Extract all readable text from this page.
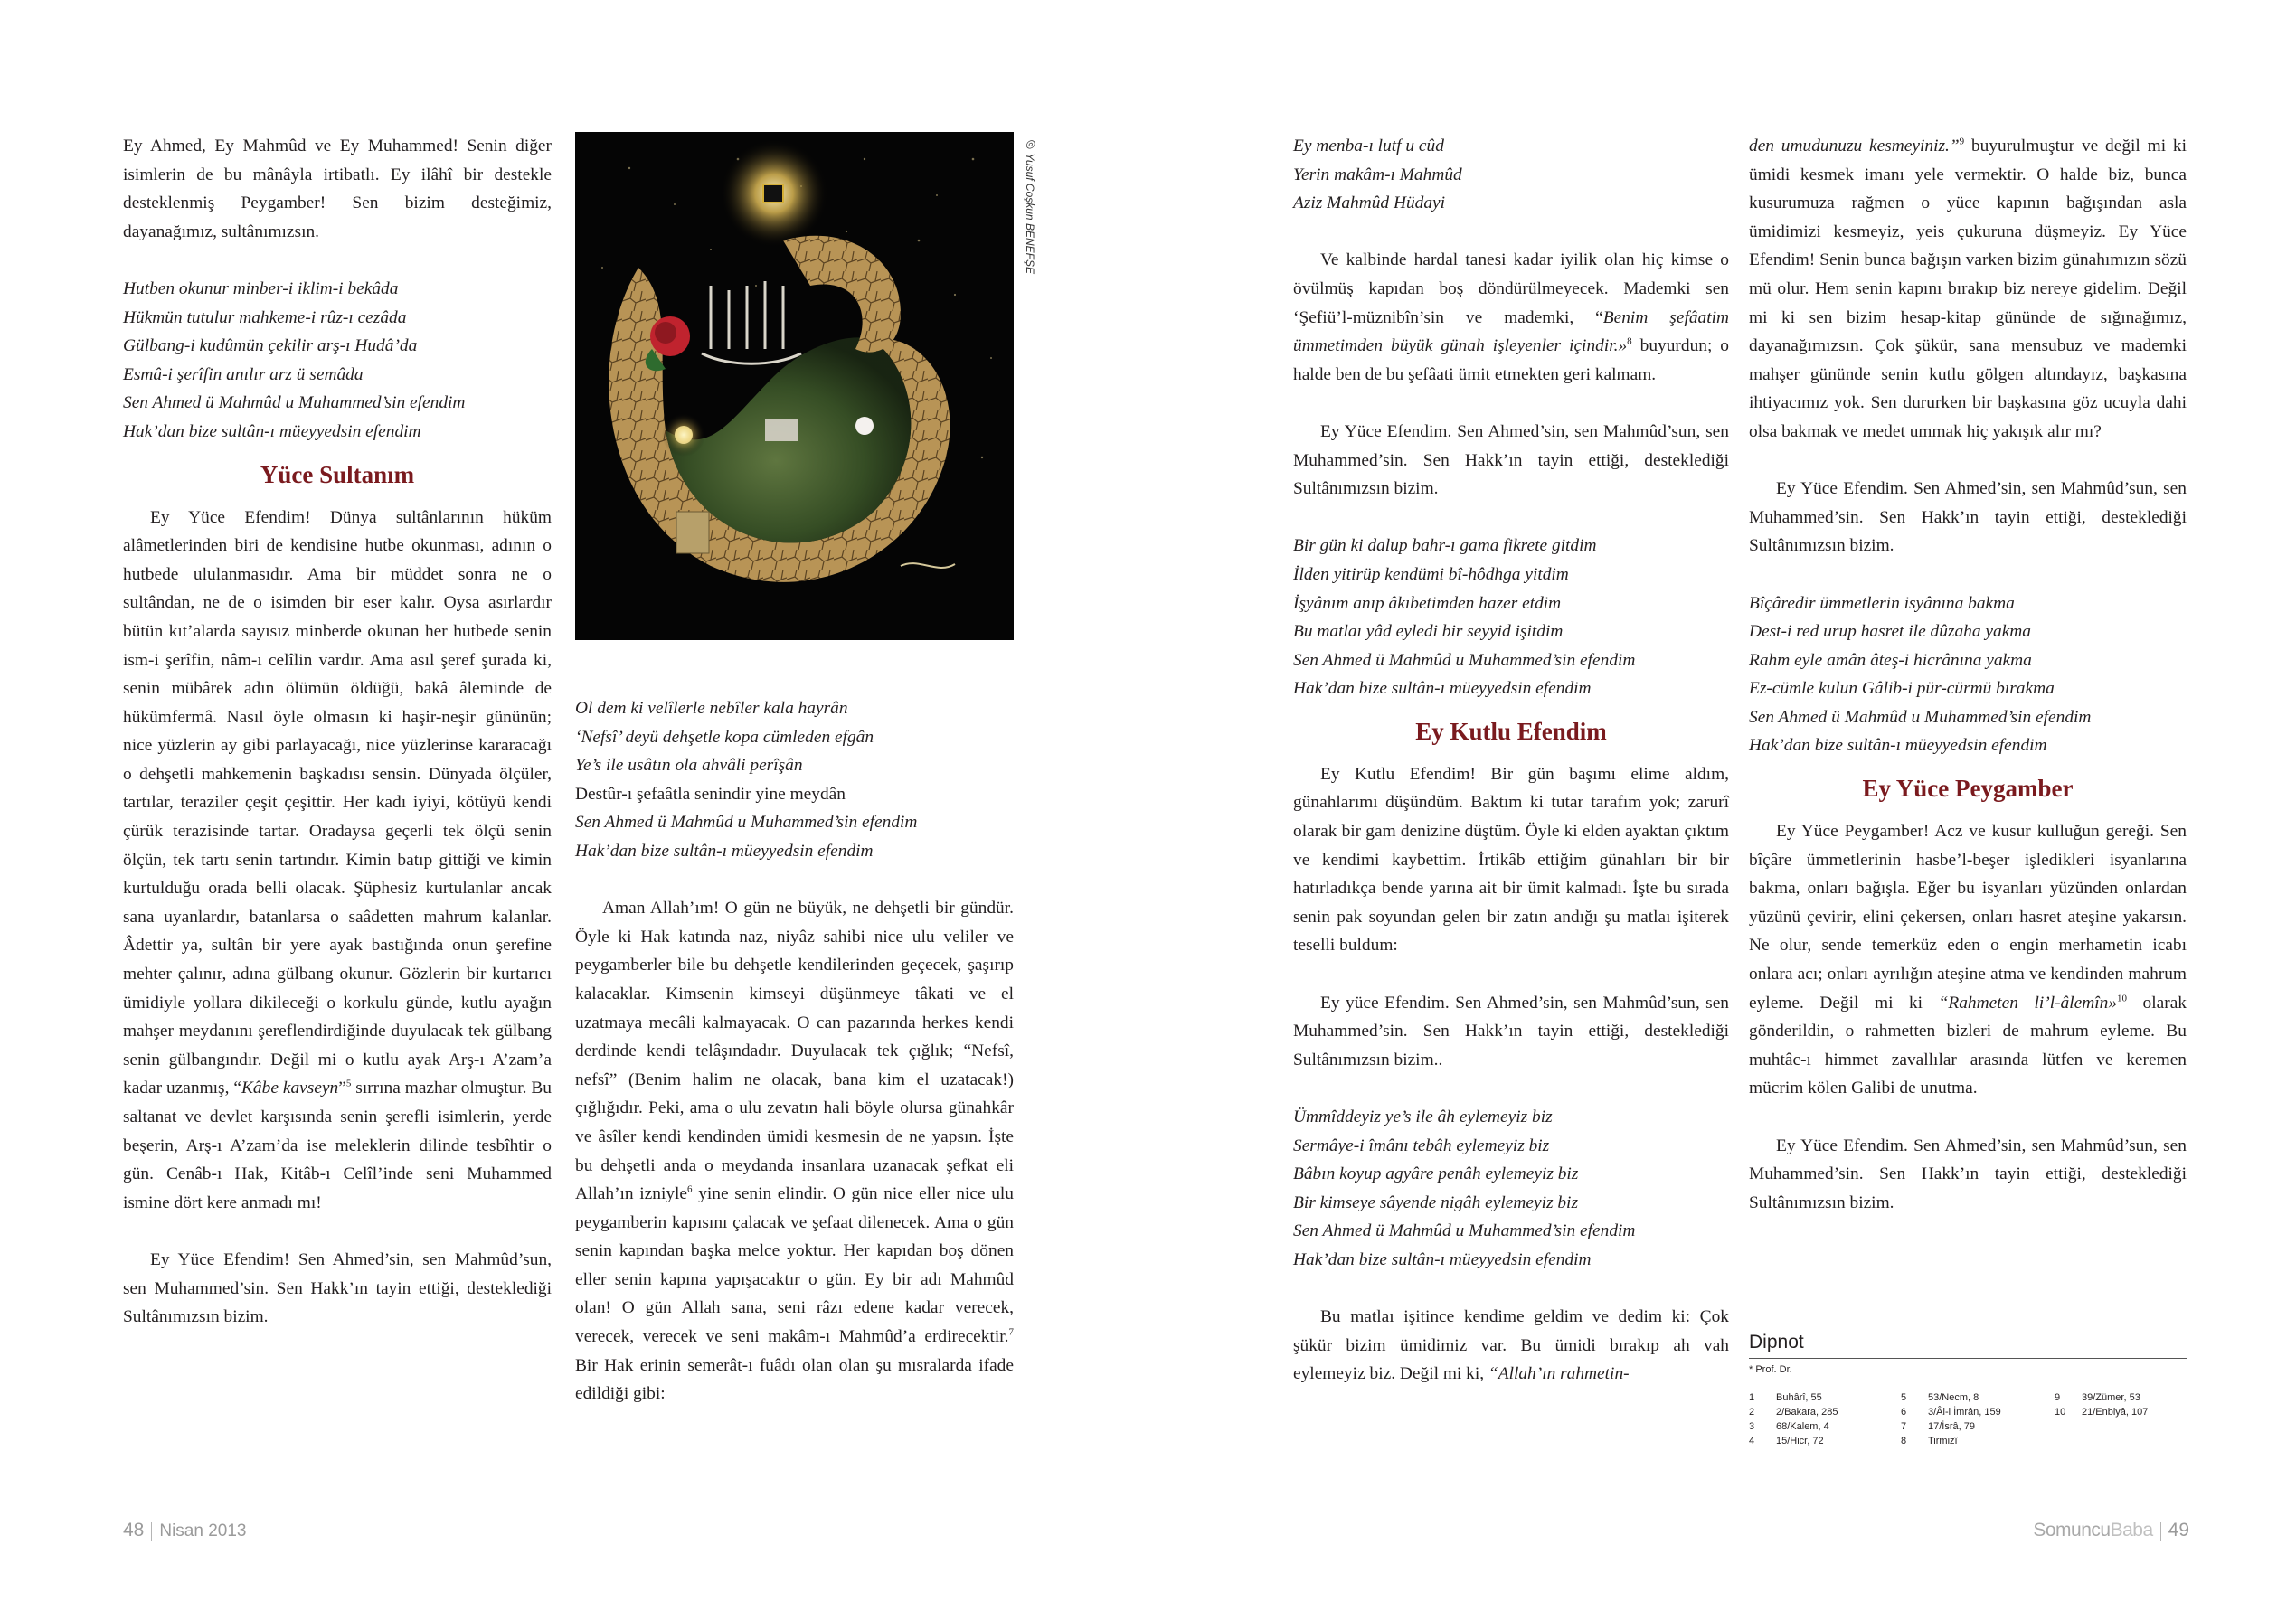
Ey Ahmed, Ey Mahmûd ve Ey Muhammed! Senin diğer isimlerin de bu mânâyla irtibatlı. Ey ilâhî bir destekle desteklenmiş Peygamber! Sen bizim desteğimiz, dayanağımız, sultânımızsın.

Hutben okunur minber-i iklim-i bekâda
Hükmün tutulur mahkeme-i rûz-ı cezâda
Gülbang-i kudûmün çekilir arş-ı Hudâ’da
Esmâ-i şerîfin anılır arz ü semâda
Sen Ahmed ü Mahmûd u Muhammed’sin efendim
Hak’dan bize sultân-ı müeyyedsin efendim
Yüce Sultanım

Ey Yüce Efendim! Dünya sultânlarının hüküm alâmetlerinden biri de kendisine hutbe okunması, adının o hutbede ululanmasıdır. Ama bir müddet sonra ne o sultândan, ne de o isimden bir eser kalır. Oysa asırlardır bütün kıt’alarda sayısız minberde okunan her hutbede senin ism-i şerîfin, nâm-ı celîlin vardır. Ama asıl şeref şurada ki, senin mübârek adın ölümün öldüğü, bakâ âleminde de hükümfermâ. Nasıl öyle olmasın ki haşir-neşir gününün; nice yüzlerin ay gibi parlayacağı, nice yüzlerinse kararacağı o dehşetli mahkemenin başkadısı sensin. Dünyada ölçüler, tartılar, teraziler çeşit çeşittir. Her kadı iyiyi, kötüyü kendi çürük terazisinde tartar. Oradaysa geçerli tek ölçü senin ölçün, tek tartı senin tartındır. Kimin batıp gittiği ve kimin kurtulduğu orada belli olacak. Şüphesiz kurtulanlar ancak sana uyanlardır, batanlarsa o saâdetten mahrum kalanlar. Âdettir ya, sultân bir yere ayak bastığında onun şerefine mehter çalınır, adına gülbang okunur. Gözlerin bir kurtarıcı ümidiyle yollara dikileceği o korkulu günde, kutlu ayağın mahşer meydanını şereflendirdiğinde duyulacak tek gülbang senin gülbangındır. Değil mi o kutlu ayak Arş-ı A’zam’a kadar uzanmış, “Kâbe kavseyn”$^5$ sırrına mazhar olmuştur. Bu saltanat ve devlet karşısında senin şerefli isimlerin, yerde beşerin, Arş-ı A’zam’da ise meleklerin dilinde tesbîhtir o gün. Cenâb-ı Hak, Kitâb-ı Celîl’inde seni Muhammed ismine dört kere anmadı mı!

Ey Yüce Efendim! Sen Ahmed’sin, sen Mahmûd’sun, sen Muhammed’sin. Sen Hakk’ın tayin ettiği, desteklediği Sultânımızsın bizim.

◎ Yusuf Coşkun BENEFŞE
Ol dem ki velîlerle nebîler kala hayrân
‘Nefsî’ deyü dehşetle kopa cümleden efgân
Ye’s ile usâtın ola ahvâli perîşân
Destûr-ı şefaâtla senindir yine meydân
Sen Ahmed ü Mahmûd u Muhammed’sin efendim
Hak’dan bize sultân-ı müeyyedsin efendim

Aman Allah’ım! O gün ne büyük, ne dehşetli bir gündür. Öyle ki Hak katında naz, niyâz sahibi nice ulu veliler ve peygamberler bile bu dehşetle kendilerinden geçecek, şaşırıp kalacaklar. Kimsenin kimseyi düşünmeye tâkati ve el uzatmaya mecâli kalmayacak. O can pazarında herkes kendi derdinde kendi telâşındadır. Duyulacak tek çığlık; “Nefsî, nefsî” (Benim halim ne olacak, bana kim el uzatacak!) çığlığıdır. Peki, ama o ulu zevatın hali böyle olursa günahkâr ve âsîler kendi kendinden ümidi kesmesin de ne yapsın. İşte bu dehşetli anda o meydanda insanlara uzanacak şefkat eli Allah’ın izniyle$^6$ yine senin elindir. O gün nice eller nice ulu peygamberin kapısını çalacak ve şefaat dilenecek. Ama o gün senin kapından başka melce yoktur. Her kapıdan boş dönen eller senin kapına yapışacaktır o gün. Ey bir adı Mahmûd olan! O gün Allah sana, seni râzı edene kadar verecek, verecek, verecek ve seni makâm-ı Mahmûd’a erdirecektir.$^7$ Bir Hak erinin semerât-ı fuâdı olan olan şu mısralarda ifade edildiği gibi:

48 Nisan 2013
Ey menba-ı lutf u cûd
Yerin makâm-ı Mahmûd
Aziz Mahmûd Hüdayi

Ve kalbinde hardal tanesi kadar iyilik olan hiç kimse o övülmüş kapıdan boş döndürülmeyecek. Mademki sen ‘Şefiü’l-müznibîn’sin ve mademki, “Benim şefâatim ümmetimden büyük günah işleyenler içindir.»$^8$ buyurdun; o halde ben de bu şefâati ümit etmekten geri kalmam.

Ey Yüce Efendim. Sen Ahmed’sin, sen Mahmûd’sun, sen Muhammed’sin. Sen Hakk’ın tayin ettiği, desteklediği Sultânımızsın bizim.

Bir gün ki dalup bahr-ı gama fikrete gitdim
İlden yitirüp kendümi bî-hôdhga yitdim
İşyânım anıp âkıbetimden hazer etdim
Bu matlaı yâd eyledi bir seyyid işitdim
Sen Ahmed ü Mahmûd u Muhammed’sin efendim
Hak’dan bize sultân-ı müeyyedsin efendim
Ey Kutlu Efendim

Ey Kutlu Efendim! Bir gün başımı elime aldım, günahlarımı düşündüm. Baktım ki tutar tarafım yok; zarurî olarak bir gam denizine düştüm. Öyle ki elden ayaktan çıktım ve kendimi kaybettim. İrtikâb ettiğim günahları bir bir hatırladıkça bende yarına ait bir ümit kalmadı. İşte bu sırada senin pak soyundan gelen bir zatın andığı şu matlaı işiterek teselli buldum:

Ey yüce Efendim. Sen Ahmed’sin, sen Mahmûd’sun, sen Muhammed’sin. Sen Hakk’ın tayin ettiği, desteklediği Sultânımızsın bizim..

Ümmîddeyiz ye’s ile âh eylemeyiz biz
Sermâye-i îmânı tebâh eylemeyiz biz
Bâbın koyup agyâre penâh eylemeyiz biz
Bir kimseye sâyende nigâh eylemeyiz biz
Sen Ahmed ü Mahmûd u Muhammed’sin efendim
Hak’dan bize sultân-ı müeyyedsin efendim

Bu matlaı işitince kendime geldim ve dedim ki: Çok şükür bizim ümidimiz var. Bu ümidi bırakıp ah vah eylemeyiz biz. Değil mi ki, “Allah’ın rahmetin-

den umudunuzu kesmeyiniz.”$^9$ buyurulmuştur ve değil mi ki ümidi kesmek imanı yele vermektir. O halde biz, bunca kusurumuza rağmen o yüce kapının bağışından asla ümidimizi kesmeyiz, yeis çukuruna düşmeyiz. Ey Yüce Efendim! Senin bunca bağışın varken bizim günahımızın sözü mü olur. Hem senin kapını bırakıp biz nereye gidelim. Değil mi ki sen bizim hesap-kitap gününde de sığınağımız, dayanağımızsın. Çok şükür, sana mensubuz ve mademki mahşer gününde senin kutlu gölgen altındayız, başkasına ihtiyacımız yok. Sen dururken bir başkasına göz ucuyla dahi olsa bakmak ve medet ummak hiç yakışık alır mı?

Ey Yüce Efendim. Sen Ahmed’sin, sen Mahmûd’sun, sen Muhammed’sin. Sen Hakk’ın tayin ettiği, desteklediği Sultânımızsın bizim.

Bîçâredir ümmetlerin isyânına bakma
Dest-i red urup hasret ile dûzaha yakma
Rahm eyle amân âteş-i hicrânına yakma
Ez-cümle kulun Gâlib-i pür-cürmü bırakma
Sen Ahmed ü Mahmûd u Muhammed’sin efendim
Hak’dan bize sultân-ı müeyyedsin efendim
Ey Yüce Peygamber

Ey Yüce Peygamber! Acz ve kusur kulluğun gereği. Sen bîçâre ümmetlerinin hasbe’l-beşer işledikleri isyanlarına bakma, onları bağışla. Eğer bu isyanları yüzünden onlardan yüzünü çevirir, elini çekersen, onları hasret ateşine yakarsın. Ne olur, sende temerküz eden o engin merhametin icabı onlara acı; onları ayrılığın ateşine atma ve kendinden mahrum eyleme. Değil mi ki “Rahmeten li’l-âlemîn»$^{10}$ olarak gönderildin, o rahmetten bizleri de mahrum eyleme. Bu muhtâc-ı himmet zavallılar arasında lütfen ve keremen mücrim kölen Galibi de unutma.

Ey Yüce Efendim. Sen Ahmed’sin, sen Mahmûd’sun, sen Muhammed’sin. Sen Hakk’ın tayin ettiği, desteklediği Sultânımızsın bizim.

Dipnot
* Prof. Dr.
1 Buhârî, 55
2 2/Bakara, 285
3 68/Kalem, 4
4 15/Hicr, 72
5 53/Necm, 8
6 3/Âl-i İmrân, 159
7 17/İsrâ, 79
8 Tirmizî
9 39/Zümer, 53
10 21/Enbiyâ, 107
SomuncuBaba 49
